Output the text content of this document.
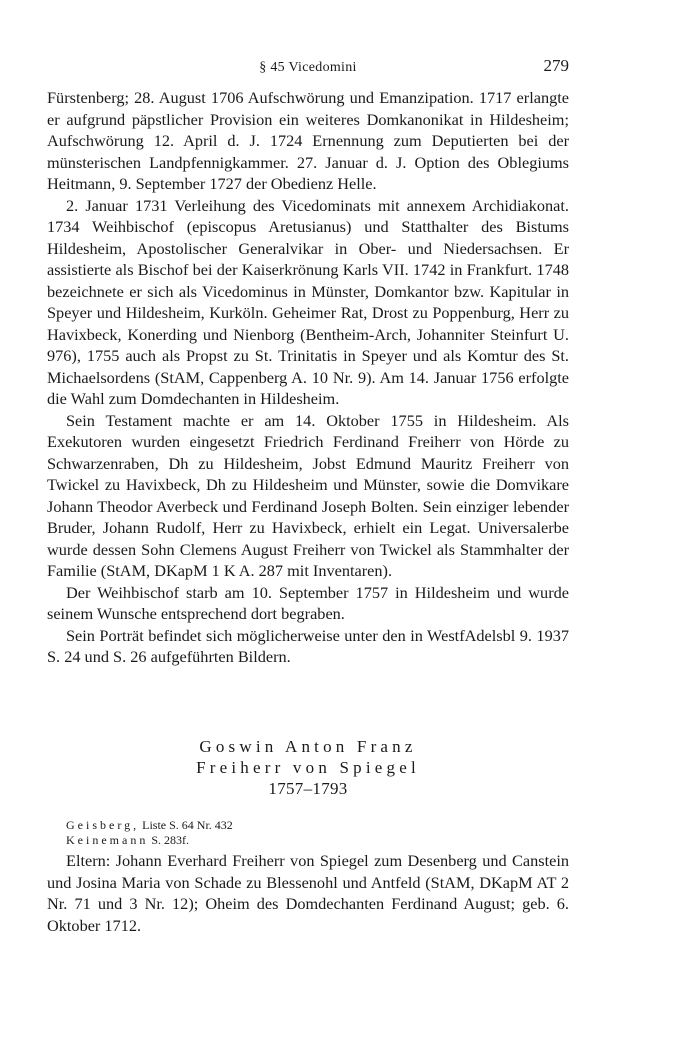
§ 45 Vicedomini	279

Fürstenberg; 28. August 1706 Aufschwörung und Emanzipation. 1717 erlangte er aufgrund päpstlicher Provision ein weiteres Domkanonikat in Hildesheim; Aufschwörung 12. April d. J. 1724 Ernennung zum Deputierten bei der münsterischen Landpfennigkammer. 27. Januar d. J. Option des Oblegiums Heitmann, 9. September 1727 der Obedienz Helle.

2. Januar 1731 Verleihung des Vicedominats mit annexem Archidiakonat. 1734 Weihbischof (episcopus Aretusianus) und Statthalter des Bistums Hildesheim, Apostolischer Generalvikar in Ober- und Niedersachsen. Er assistierte als Bischof bei der Kaiserkrönung Karls VII. 1742 in Frankfurt. 1748 bezeichnete er sich als Vicedominus in Münster, Domkantor bzw. Kapitular in Speyer und Hildesheim, Kurköln. Geheimer Rat, Drost zu Poppenburg, Herr zu Havixbeck, Konerding und Nienborg (Bentheim-Arch, Johanniter Steinfurt U. 976), 1755 auch als Propst zu St. Trinitatis in Speyer und als Komtur des St. Michaelsordens (StAM, Cappenberg A. 10 Nr. 9). Am 14. Januar 1756 erfolgte die Wahl zum Domdechanten in Hildesheim.

Sein Testament machte er am 14. Oktober 1755 in Hildesheim. Als Exekutoren wurden eingesetzt Friedrich Ferdinand Freiherr von Hörde zu Schwarzenraben, Dh zu Hildesheim, Jobst Edmund Mauritz Freiherr von Twickel zu Havixbeck, Dh zu Hildesheim und Münster, sowie die Domvikare Johann Theodor Averbeck und Ferdinand Joseph Bolten. Sein einziger lebender Bruder, Johann Rudolf, Herr zu Havixbeck, erhielt ein Legat. Universalerbe wurde dessen Sohn Clemens August Freiherr von Twickel als Stammhalter der Familie (StAM, DKapM 1 K A. 287 mit Inventaren).

Der Weihbischof starb am 10. September 1757 in Hildesheim und wurde seinem Wunsche entsprechend dort begraben.

Sein Porträt befindet sich möglicherweise unter den in WestfAdelsbl 9. 1937 S. 24 und S. 26 aufgeführten Bildern.

Goswin Anton Franz
Freiherr von Spiegel
1757–1793
Geisberg, Liste S. 64 Nr. 432
Keinemann S. 283f.

Eltern: Johann Everhard Freiherr von Spiegel zum Desenberg und Canstein und Josina Maria von Schade zu Blessenohl und Antfeld (StAM, DKapM AT 2 Nr. 71 und 3 Nr. 12); Oheim des Domdechanten Ferdinand August; geb. 6. Oktober 1712.
